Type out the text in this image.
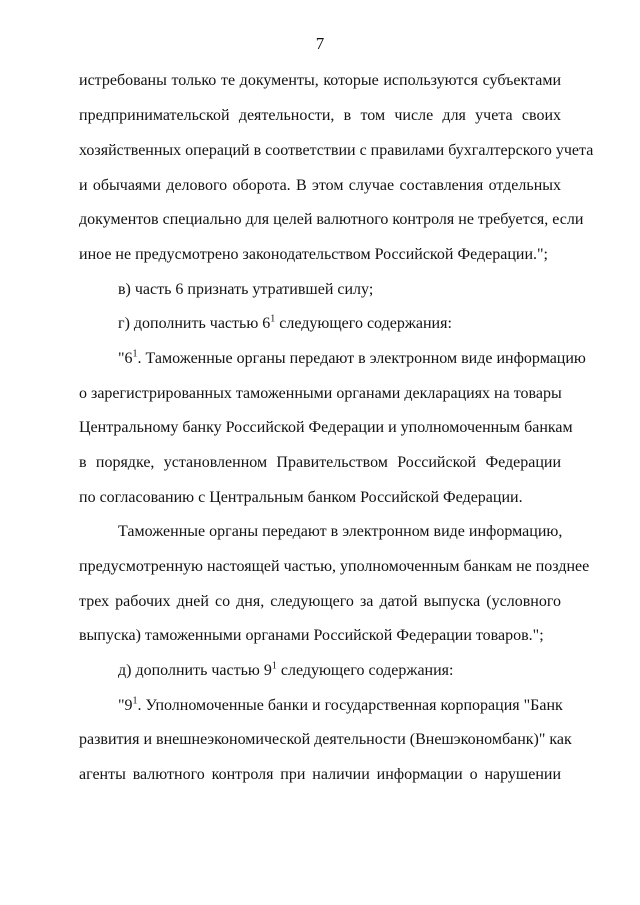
7
истребованы только те документы, которые используются субъектами
предпринимательской деятельности, в том числе для учета своих
хозяйственных операций в соответствии с правилами бухгалтерского учета
и обычаями делового оборота. В этом случае составления отдельных
документов специально для целей валютного контроля не требуется, если
иное не предусмотрено законодательством Российской Федерации.";
в) часть 6 признать утратившей силу;
г) дополнить частью $6^1$ следующего содержания:
"$6^1$. Таможенные органы передают в электронном виде информацию
о зарегистрированных таможенными органами декларациях на товары
Центральному банку Российской Федерации и уполномоченным банкам
в порядке, установленном Правительством Российской Федерации
по согласованию с Центральным банком Российской Федерации.
Таможенные органы передают в электронном виде информацию,
предусмотренную настоящей частью, уполномоченным банкам не позднее
трех рабочих дней со дня, следующего за датой выпуска (условного
выпуска) таможенными органами Российской Федерации товаров.";
д) дополнить частью $9^1$ следующего содержания:
"$9^1$. Уполномоченные банки и государственная корпорация "Банк
развития и внешнеэкономической деятельности (Внешэкономбанк)" как
агенты валютного контроля при наличии информации о нарушении
